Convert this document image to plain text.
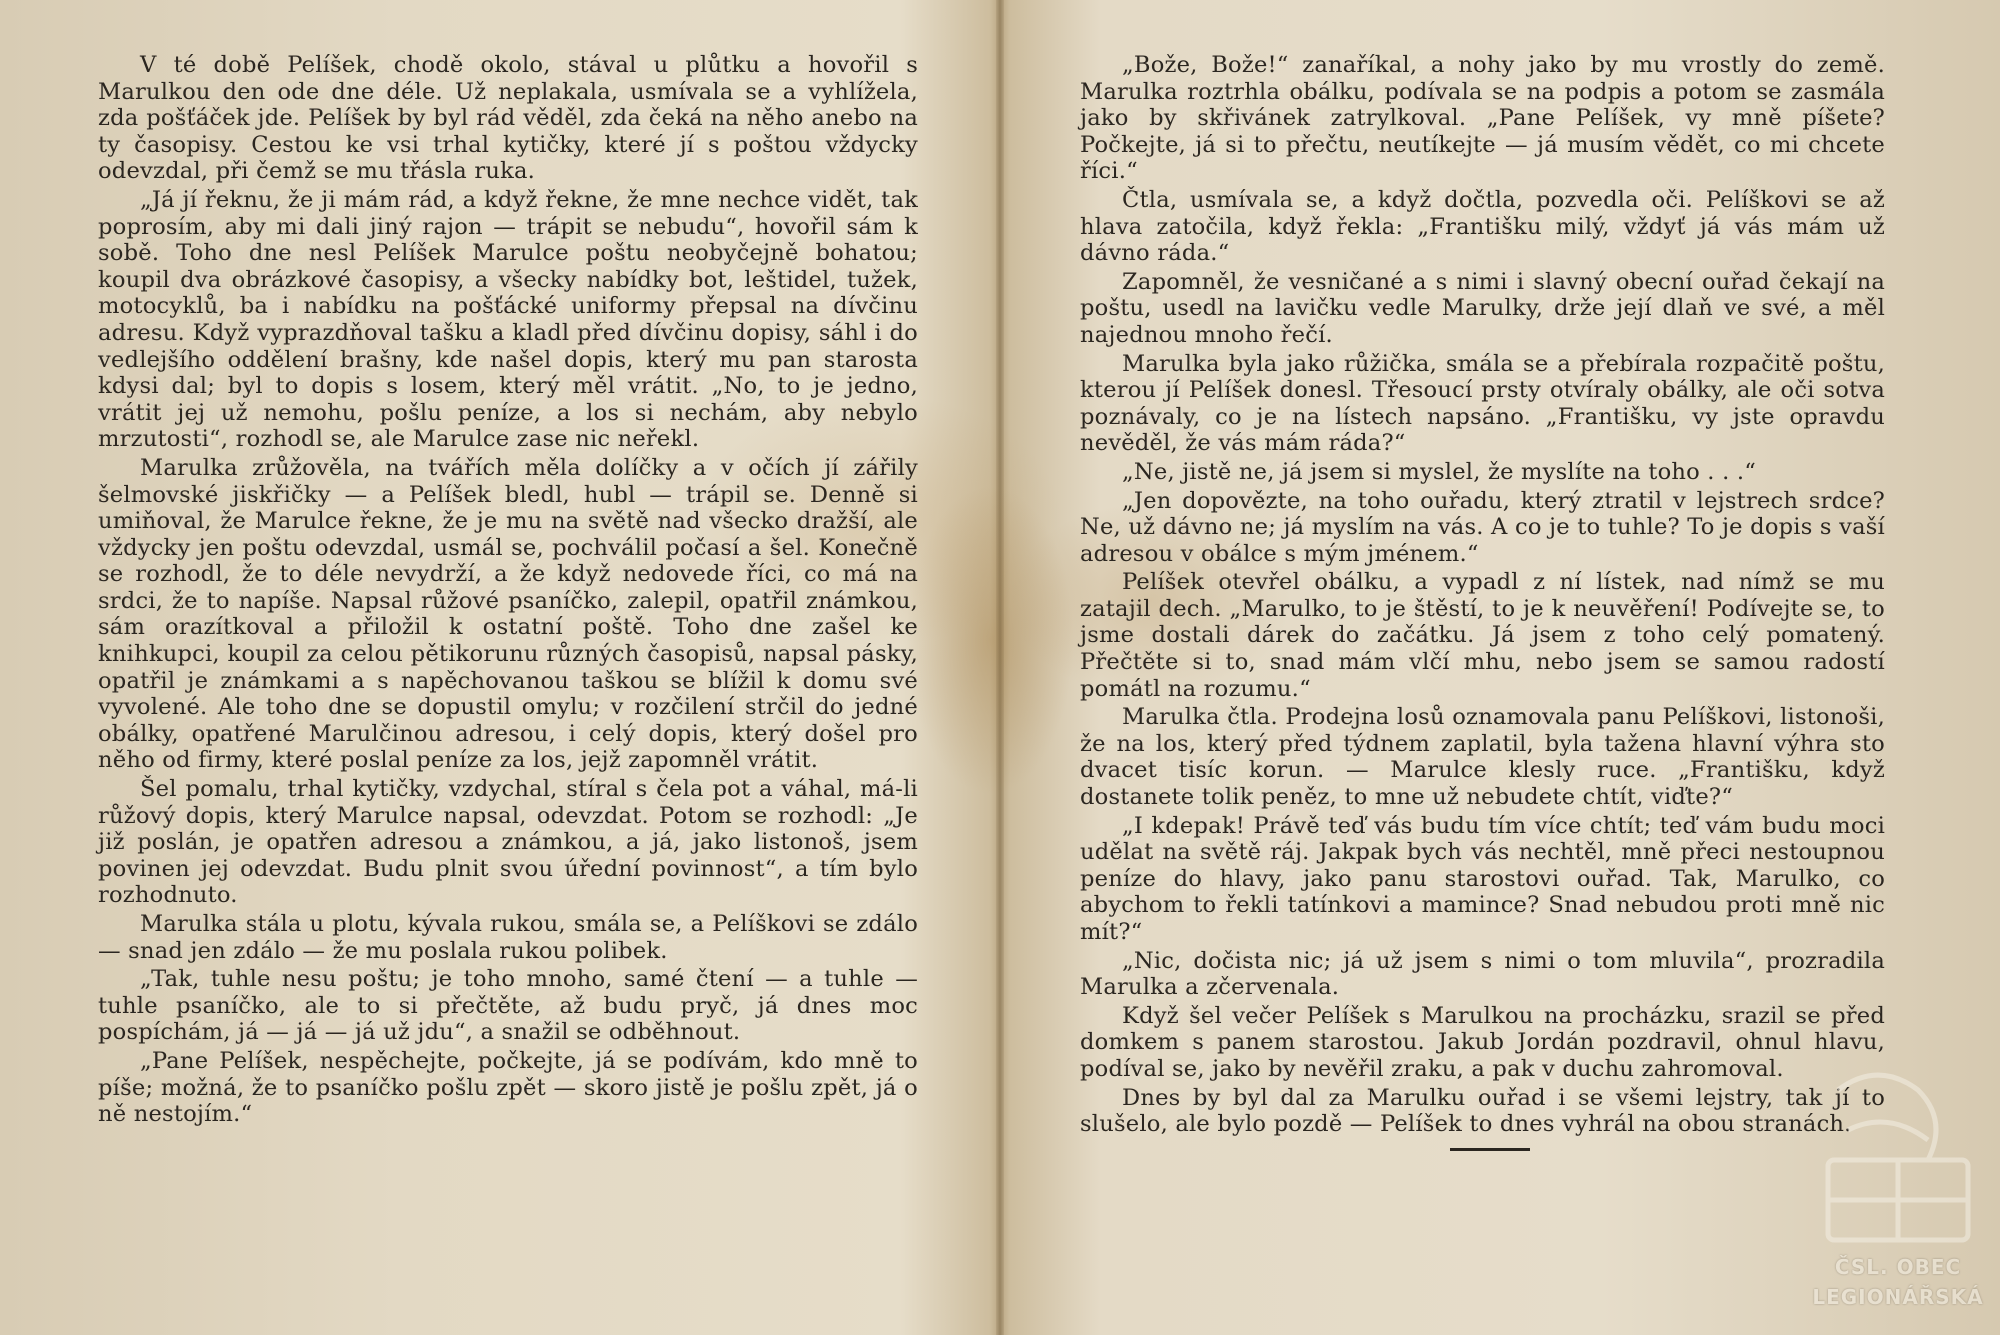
V té době Pelíšek, chodě okolo, stával u plůtku a hovořil s Marulkou den ode dne déle. Už neplakala, usmívala se a vyhlížela, zda pošťáček jde. Pelíšek by byl rád věděl, zda čeká na něho anebo na ty časopisy. Cestou ke vsi trhal kytičky, které jí s poštou vždycky odevzdal, při čemž se mu třásla ruka.

„Já jí řeknu, že ji mám rád, a když řekne, že mne nechce vidět, tak poprosím, aby mi dali jiný rajon — trápit se nebudu“, hovořil sám k sobě. Toho dne nesl Pelíšek Marulce poštu neobyčejně bohatou; koupil dva obrázkové časopisy, a všecky nabídky bot, leštidel, tužek, motocyklů, ba i nabídku na pošťácké uniformy přepsal na dívčinu adresu. Když vyprazdňoval tašku a kladl před dívčinu dopisy, sáhl i do vedlejšího oddělení brašny, kde našel dopis, který mu pan starosta kdysi dal; byl to dopis s losem, který měl vrátit. „No, to je jedno, vrátit jej už nemohu, pošlu peníze, a los si nechám, aby nebylo mrzutosti“, rozhodl se, ale Marulce zase nic neřekl.

Marulka zrůžověla, na tvářích měla dolíčky a v očích jí zářily šelmovské jiskřičky — a Pelíšek bledl, hubl — trápil se. Denně si umiňoval, že Marulce řekne, že je mu na světě nad všecko dražší, ale vždycky jen poštu odevzdal, usmál se, pochválil počasí a šel. Konečně se rozhodl, že to déle nevydrží, a že když nedovede říci, co má na srdci, že to napíše. Napsal růžové psaníčko, zalepil, opatřil známkou, sám orazítkoval a přiložil k ostatní poště. Toho dne zašel ke knihkupci, koupil za celou pětikorunu různých časopisů, napsal pásky, opatřil je známkami a s napěchovanou taškou se blížil k domu své vyvolené. Ale toho dne se dopustil omylu; v rozčilení strčil do jedné obálky, opatřené Marulčinou adresou, i celý dopis, který došel pro něho od firmy, které poslal peníze za los, jejž zapomněl vrátit.

Šel pomalu, trhal kytičky, vzdychal, stíral s čela pot a váhal, má-li růžový dopis, který Marulce napsal, odevzdat. Potom se rozhodl: „Je již poslán, je opatřen adresou a známkou, a já, jako listonoš, jsem povinen jej odevzdat. Budu plnit svou úřední povinnost“, a tím bylo rozhodnuto.

Marulka stála u plotu, kývala rukou, smála se, a Pelíškovi se zdálo — snad jen zdálo — že mu poslala rukou polibek.

„Tak, tuhle nesu poštu; je toho mnoho, samé čtení — a tuhle — tuhle psaníčko, ale to si přečtěte, až budu pryč, já dnes moc pospíchám, já — já — já už jdu“, a snažil se odběhnout.

„Pane Pelíšek, nespěchejte, počkejte, já se podívám, kdo mně to píše; možná, že to psaníčko pošlu zpět — skoro jistě je pošlu zpět, já o ně nestojím.“

„Bože, Bože!“ zanaříkal, a nohy jako by mu vrostly do země. Marulka roztrhla obálku, podívala se na podpis a potom se zasmála jako by skřivánek zatrylkoval. „Pane Pelíšek, vy mně píšete? Počkejte, já si to přečtu, neutíkejte — já musím vědět, co mi chcete říci.“

Čtla, usmívala se, a když dočtla, pozvedla oči. Pelíškovi se až hlava zatočila, když řekla: „Františku milý, vždyť já vás mám už dávno ráda.“

Zapomněl, že vesničané a s nimi i slavný obecní ouřad čekají na poštu, usedl na lavičku vedle Marulky, drže její dlaň ve své, a měl najednou mnoho řečí.

Marulka byla jako růžička, smála se a přebírala rozpačitě poštu, kterou jí Pelíšek donesl. Třesoucí prsty otvíraly obálky, ale oči sotva poznávaly, co je na lístech napsáno. „Františku, vy jste opravdu nevěděl, že vás mám ráda?“

„Ne, jistě ne, já jsem si myslel, že myslíte na toho . . .“

„Jen dopovězte, na toho ouřadu, který ztratil v lejstrech srdce? Ne, už dávno ne; já myslím na vás. A co je to tuhle? To je dopis s vaší adresou v obálce s mým jménem.“

Pelíšek otevřel obálku, a vypadl z ní lístek, nad nímž se mu zatajil dech. „Marulko, to je štěstí, to je k neuvěření! Podívejte se, to jsme dostali dárek do začátku. Já jsem z toho celý pomatený. Přečtěte si to, snad mám vlčí mhu, nebo jsem se samou radostí pomátl na rozumu.“

Marulka čtla. Prodejna losů oznamovala panu Pelíškovi, listonoši, že na los, který před týdnem zaplatil, byla tažena hlavní výhra sto dvacet tisíc korun. — Marulce klesly ruce. „Františku, když dostanete tolik peněz, to mne už nebudete chtít, viďte?“

„I kdepak! Právě teď vás budu tím více chtít; teď vám budu moci udělat na světě ráj. Jakpak bych vás nechtěl, mně přeci nestoupnou peníze do hlavy, jako panu starostovi ouřad. Tak, Marulko, co abychom to řekli tatínkovi a mamince? Snad nebudou proti mně nic mít?“

„Nic, dočista nic; já už jsem s nimi o tom mluvila“, prozradila Marulka a zčervenala.

Když šel večer Pelíšek s Marulkou na procházku, srazil se před domkem s panem starostou. Jakub Jordán pozdravil, ohnul hlavu, podíval se, jako by nevěřil zraku, a pak v duchu zahromoval.

Dnes by byl dal za Marulku ouřad i se všemi lejstry, tak jí to slušelo, ale bylo pozdě — Pelíšek to dnes vyhrál na obou stranách.

ČSL. OBEC
LEGIONÁŘSKÁ
